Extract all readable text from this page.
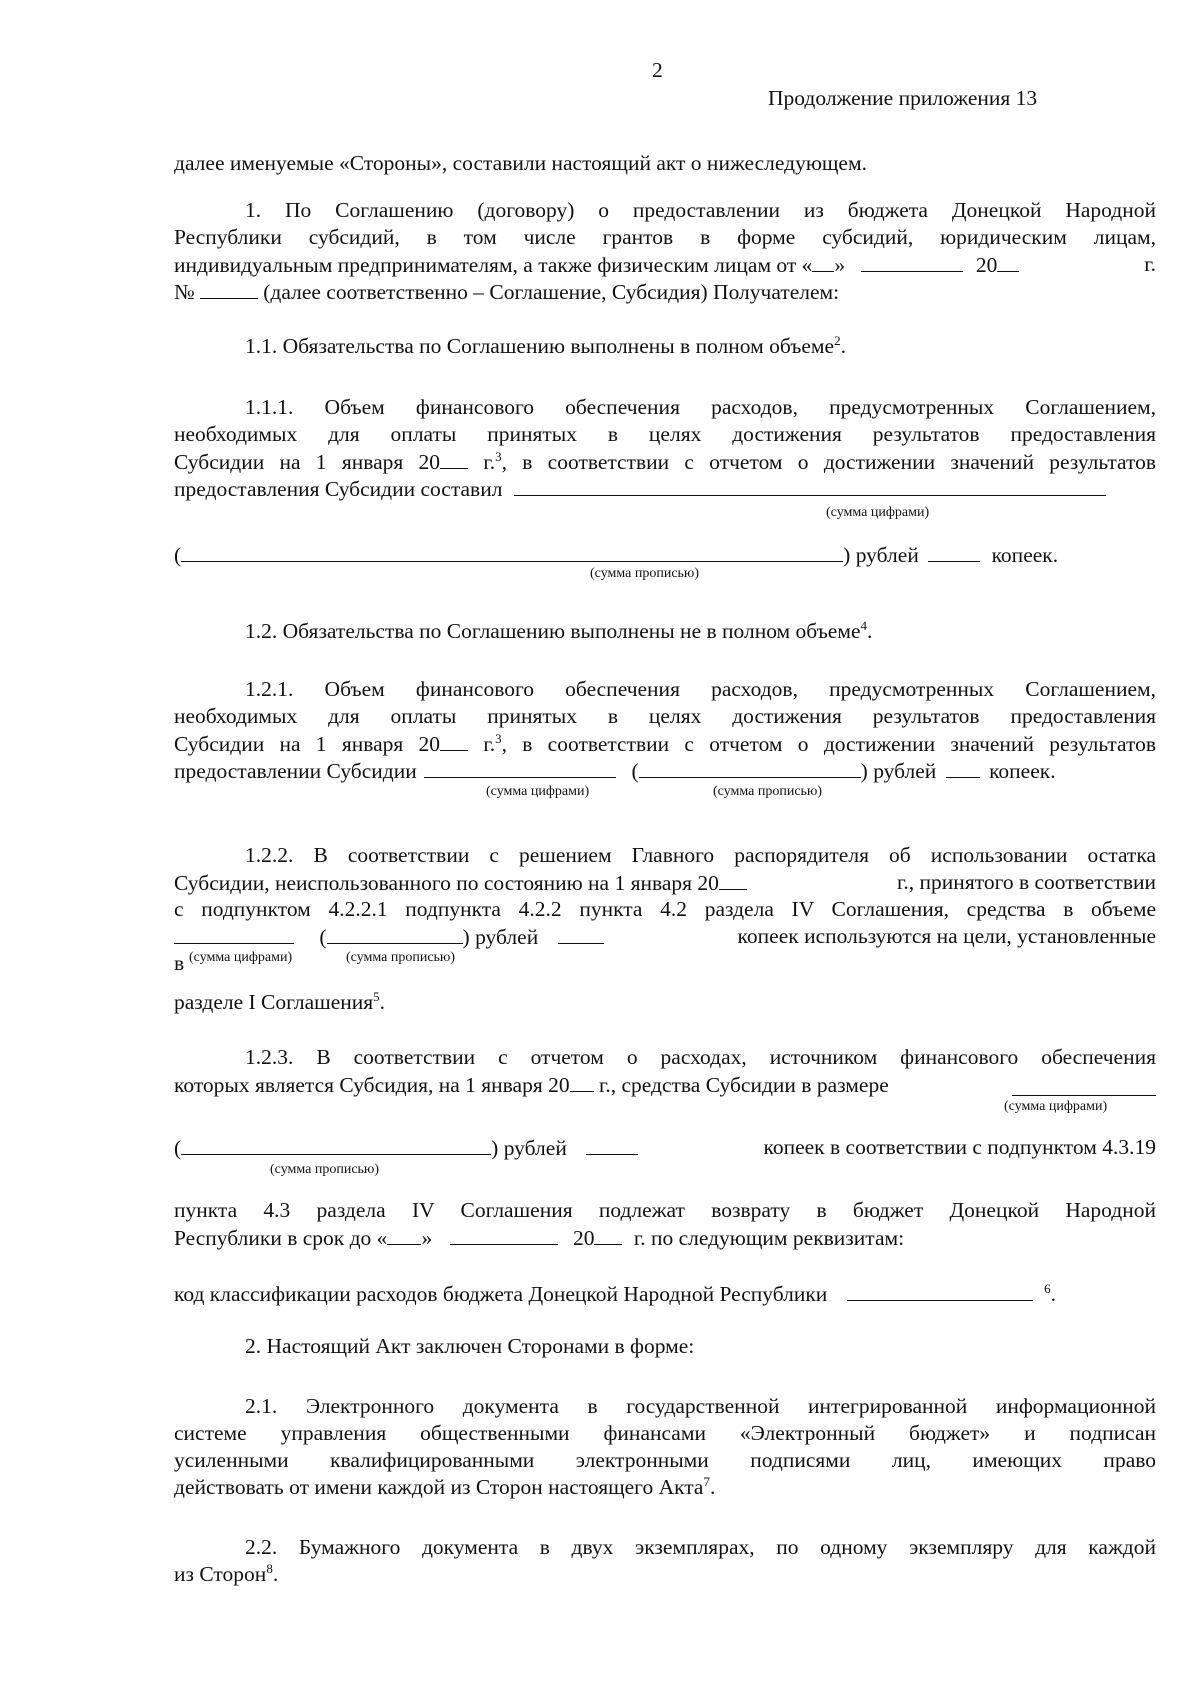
2
Продолжение приложения 13
далее именуемые «Стороны», составили настоящий акт о нижеследующем.
1. По Соглашению (договору) о предоставлении из бюджета Донецкой Народной
Республики субсидий, в том числе грантов в форме субсидий, юридическим лицам,
индивидуальным предпринимателям, а также физическим лицам от « »	20	г.
№	(далее соответственно – Соглашение, Субсидия) Получателем:
1.1. Обязательства по Соглашению выполнены в полном объеме$^2$.
1.1.1. Объем финансового обеспечения расходов, предусмотренных Соглашением,
необходимых для оплаты принятых в целях достижения результатов предоставления
Субсидии на 1 января 20 г.$^3$, в соответствии с отчетом о достижении значений результатов
предоставления Субсидии составил
(сумма цифрами)
(	) рублей	копеек.
(сумма прописью)
1.2. Обязательства по Соглашению выполнены не в полном объеме$^4$.
1.2.1. Объем финансового обеспечения расходов, предусмотренных Соглашением,
необходимых для оплаты принятых в целях достижения результатов предоставления
Субсидии на 1 января 20 г.$^3$, в соответствии с отчетом о достижении значений результатов
предоставлении Субсидии	(	) рублей копеек.
(сумма цифрами)	(сумма прописью)
1.2.2. В соответствии с решением Главного распорядителя об использовании остатка
Субсидии, неиспользованного по состоянию на 1 января 20	г., принятого в соответствии
с подпунктом 4.2.2.1 подпункта 4.2.2 пункта 4.2 раздела IV Соглашения, средства в объеме
(	) рублей	копеек используются на цели, установленные
в (сумма цифрами)	(сумма прописью)
разделе I Соглашения$^5$.
1.2.3. В соответствии с отчетом о расходах, источником финансового обеспечения
которых является Субсидия, на 1 января 20 г., средства Субсидии в размере
(сумма цифрами)
(	) рублей	копеек в соответствии с подпунктом 4.3.19
(сумма прописью)
пункта 4.3 раздела IV Соглашения подлежат возврату в бюджет Донецкой Народной
Республики в срок до « »	20 г. по следующим реквизитам:
код классификации расходов бюджета Донецкой Народной Республики	$^6$.
2. Настоящий Акт заключен Сторонами в форме:
2.1. Электронного документа в государственной интегрированной информационной
системе управления общественными финансами «Электронный бюджет» и подписан
усиленными квалифицированными электронными подписями лиц, имеющих право
действовать от имени каждой из Сторон настоящего Акта$^7$.
2.2. Бумажного документа в двух экземплярах, по одному экземпляру для каждой
из Сторон$^8$.
